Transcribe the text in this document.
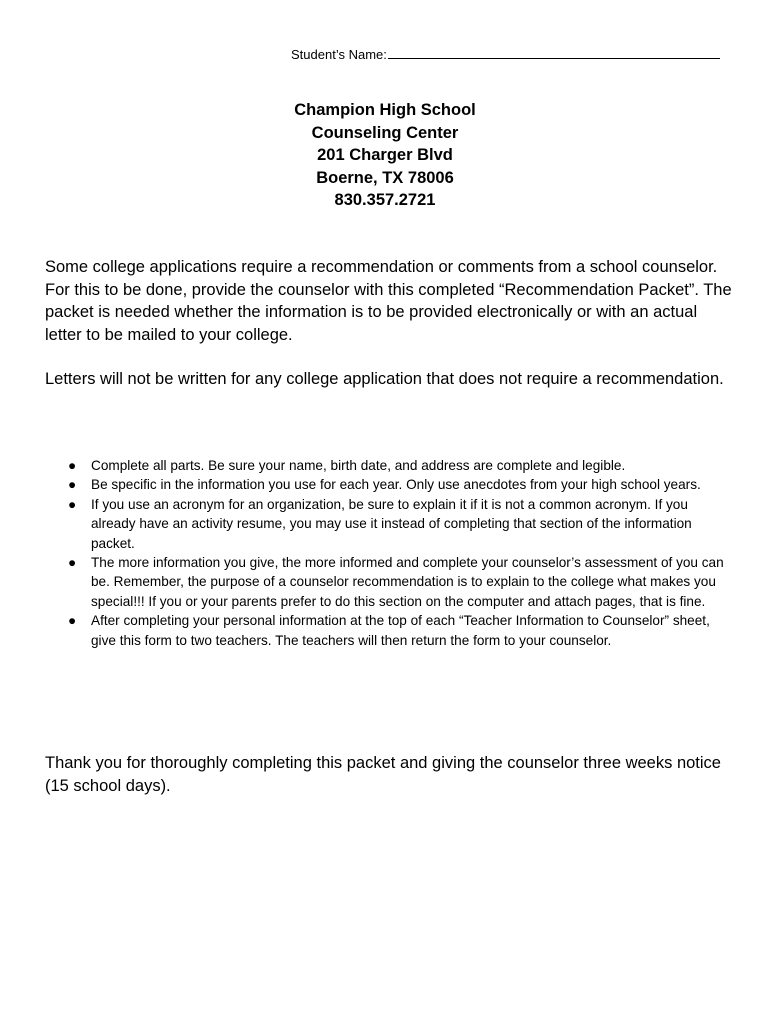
Student’s Name:
Champion High School
Counseling Center
201 Charger Blvd
Boerne, TX 78006
830.357.2721

Some college applications require a recommendation or comments from a school counselor. For this to be done, provide the counselor with this completed “Recommendation Packet”. The packet is needed whether the information is to be provided electronically or with an actual letter to be mailed to your college.

Letters will not be written for any college application that does not require a recommendation.

● Complete all parts. Be sure your name, birth date, and address are complete and legible.
● Be specific in the information you use for each year. Only use anecdotes from your high school years.
● If you use an acronym for an organization, be sure to explain it if it is not a common acronym. If you already have an activity resume, you may use it instead of completing that section of the information packet.
● The more information you give, the more informed and complete your counselor’s assessment of you can be. Remember, the purpose of a counselor recommendation is to explain to the college what makes you special!!! If you or your parents prefer to do this section on the computer and attach pages, that is fine.
● After completing your personal information at the top of each “Teacher Information to Counselor” sheet, give this form to two teachers. The teachers will then return the form to your counselor.

Thank you for thoroughly completing this packet and giving the counselor three weeks notice (15 school days).
